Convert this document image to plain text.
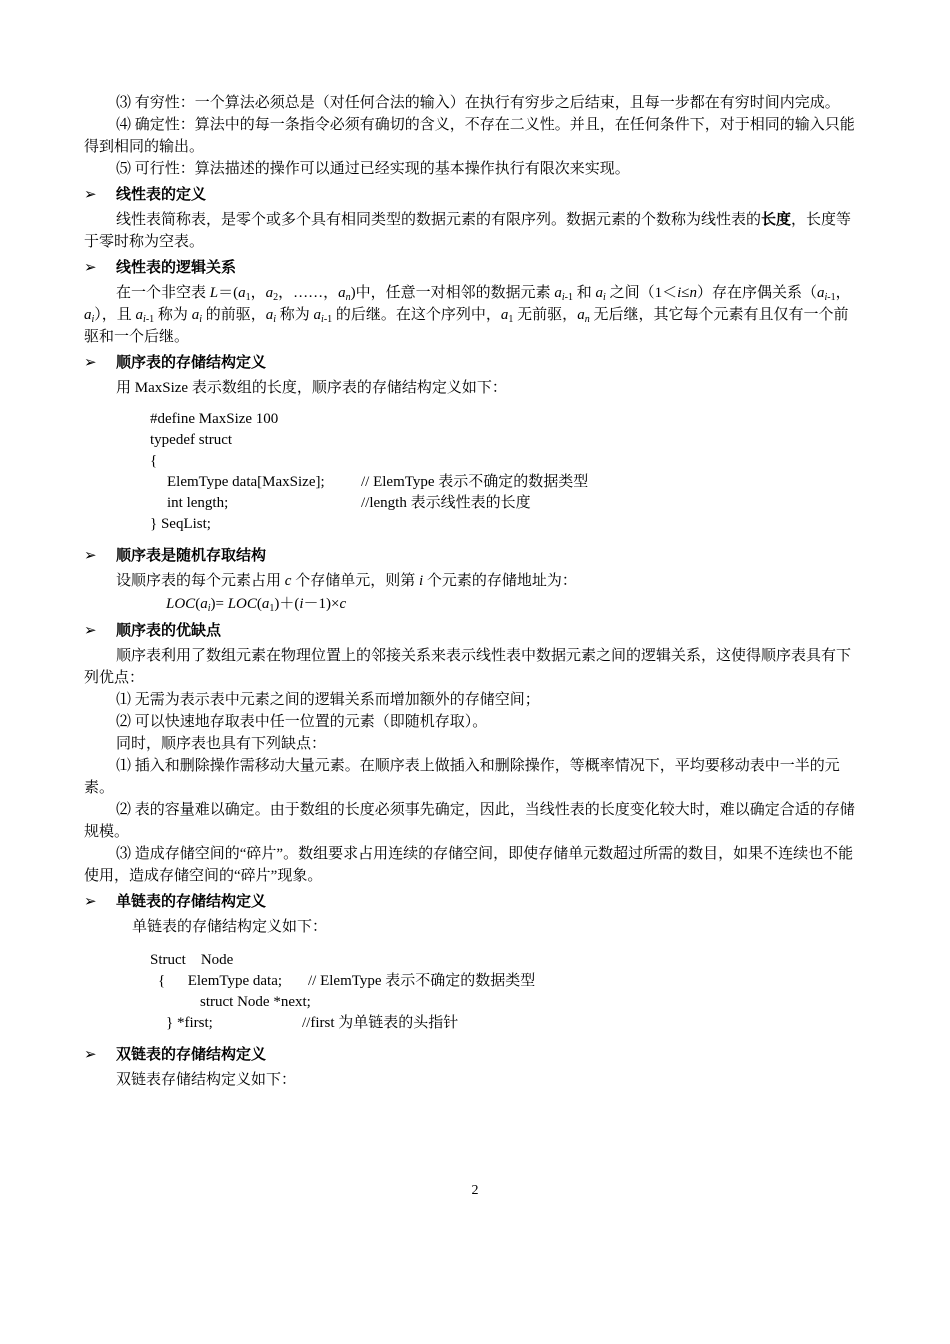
⑶ 有穷性：一个算法必须总是（对任何合法的输入）在执行有穷步之后结束，且每一步都在有穷时间内完成。

⑷ 确定性：算法中的每一条指令必须有确切的含义，不存在二义性。并且，在任何条件下，对于相同的输入只能得到相同的输出。

⑸ 可行性：算法描述的操作可以通过已经实现的基本操作执行有限次来实现。

➢ 线性表的定义

线性表简称表，是零个或多个具有相同类型的数据元素的有限序列。数据元素的个数称为线性表的长度，长度等于零时称为空表。

➢ 线性表的逻辑关系

在一个非空表 $L=(a_1$，$a_2$，……，$a_n$)中，任意一对相邻的数据元素 $a_{i-1}$ 和 $a_i$ 之间（1＜i≤n）存在序偶关系（$a_{i-1}$，$a_i$），且 $a_{i-1}$ 称为 $a_i$ 的前驱，$a_i$ 称为 $a_{i-1}$ 的后继。在这个序列中，$a_1$ 无前驱，$a_n$ 无后继，其它每个元素有且仅有一个前驱和一个后继。

➢ 顺序表的存储结构定义

用 MaxSize 表示数组的长度，顺序表的存储结构定义如下：

#define MaxSize 100
typedef struct
{
ElemType data[MaxSize]; // ElemType 表示不确定的数据类型
int length;	//length 表示线性表的长度
} SeqList;
➢ 顺序表是随机存取结构

设顺序表的每个元素占用 c 个存储单元，则第 i 个元素的存储地址为：

$LOC(a_i)= LOC(a_1)+(i-1)\times c$
➢ 顺序表的优缺点

顺序表利用了数组元素在物理位置上的邻接关系来表示线性表中数据元素之间的逻辑关系，这使得顺序表具有下列优点：

⑴ 无需为表示表中元素之间的逻辑关系而增加额外的存储空间；

⑵ 可以快速地存取表中任一位置的元素（即随机存取）。

同时，顺序表也具有下列缺点：

⑴ 插入和删除操作需移动大量元素。在顺序表上做插入和删除操作，等概率情况下，平均要移动表中一半的元素。

⑵ 表的容量难以确定。由于数组的长度必须事先确定，因此，当线性表的长度变化较大时，难以确定合适的存储规模。

⑶ 造成存储空间的“碎片”。数组要求占用连续的存储空间，即使存储单元数超过所需的数目，如果不连续也不能使用，造成存储空间的“碎片”现象。

➢ 单链表的存储结构定义

单链表的存储结构定义如下：

Struct    Node
{      ElemType data; // ElemType 表示不确定的数据类型
struct Node *next;
} *first;	//first 为单链表的头指针
➢ 双链表的存储结构定义

双链表存储结构定义如下：

2
